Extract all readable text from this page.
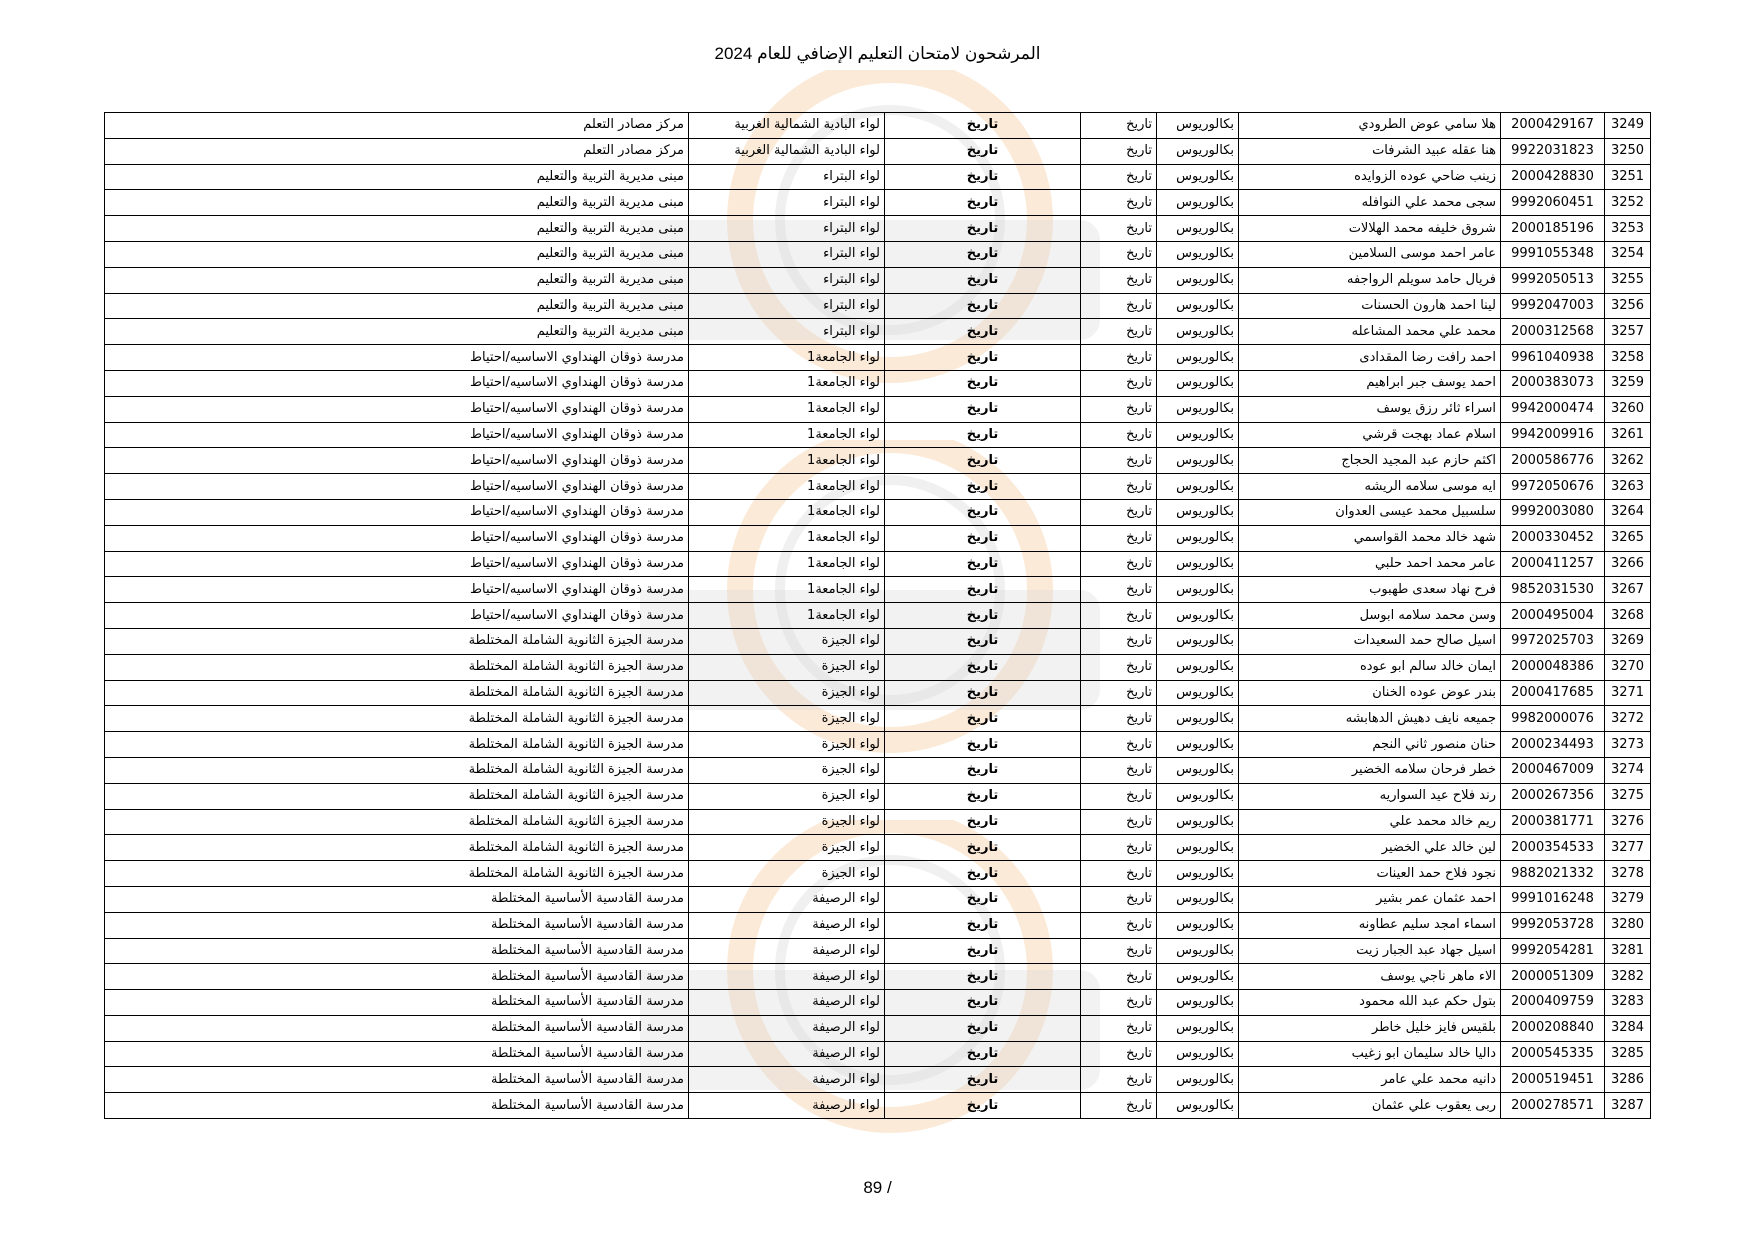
المرشحون لامتحان التعليم الإضافي للعام 2024
3249	2000429167	هلا سامي عوض الطرودي	بكالوريوس	تاريخ	تاريخ	لواء البادية الشمالية الغربية	مركز مصادر التعلم
3250	9922031823	هنا عقله عبيد الشرفات	بكالوريوس	تاريخ	تاريخ	لواء البادية الشمالية الغربية	مركز مصادر التعلم
3251	2000428830	زينب ضاحي عوده الزوايده	بكالوريوس	تاريخ	تاريخ	لواء البتراء	مبنى مديرية التربية والتعليم
3252	9992060451	سجى محمد علي النوافله	بكالوريوس	تاريخ	تاريخ	لواء البتراء	مبنى مديرية التربية والتعليم
3253	2000185196	شروق خليفه محمد الهلالات	بكالوريوس	تاريخ	تاريخ	لواء البتراء	مبنى مديرية التربية والتعليم
3254	9991055348	عامر احمد موسى السلامين	بكالوريوس	تاريخ	تاريخ	لواء البتراء	مبنى مديرية التربية والتعليم
3255	9992050513	فريال حامد سويلم الرواجفه	بكالوريوس	تاريخ	تاريخ	لواء البتراء	مبنى مديرية التربية والتعليم
3256	9992047003	لينا احمد هارون الحسنات	بكالوريوس	تاريخ	تاريخ	لواء البتراء	مبنى مديرية التربية والتعليم
3257	2000312568	محمد علي محمد المشاعله	بكالوريوس	تاريخ	تاريخ	لواء البتراء	مبنى مديرية التربية والتعليم
3258	9961040938	احمد رافت رضا المقدادى	بكالوريوس	تاريخ	تاريخ	لواء الجامعة1	مدرسة ذوقان الهنداوي الاساسيه/احتياط
3259	2000383073	احمد يوسف جبر ابراهيم	بكالوريوس	تاريخ	تاريخ	لواء الجامعة1	مدرسة ذوقان الهنداوي الاساسيه/احتياط
3260	9942000474	اسراء ثائر رزق يوسف	بكالوريوس	تاريخ	تاريخ	لواء الجامعة1	مدرسة ذوقان الهنداوي الاساسيه/احتياط
3261	9942009916	اسلام عماد بهجت قرشي	بكالوريوس	تاريخ	تاريخ	لواء الجامعة1	مدرسة ذوقان الهنداوي الاساسيه/احتياط
3262	2000586776	اكثم حازم عبد المجيد الحجاج	بكالوريوس	تاريخ	تاريخ	لواء الجامعة1	مدرسة ذوقان الهنداوي الاساسيه/احتياط
3263	9972050676	ايه موسى سلامه الريشه	بكالوريوس	تاريخ	تاريخ	لواء الجامعة1	مدرسة ذوقان الهنداوي الاساسيه/احتياط
3264	9992003080	سلسبيل محمد عيسى العدوان	بكالوريوس	تاريخ	تاريخ	لواء الجامعة1	مدرسة ذوقان الهنداوي الاساسيه/احتياط
3265	2000330452	شهد خالد محمد القواسمي	بكالوريوس	تاريخ	تاريخ	لواء الجامعة1	مدرسة ذوقان الهنداوي الاساسيه/احتياط
3266	2000411257	عامر محمد احمد حلبي	بكالوريوس	تاريخ	تاريخ	لواء الجامعة1	مدرسة ذوقان الهنداوي الاساسيه/احتياط
3267	9852031530	فرح نهاد سعدى طهبوب	بكالوريوس	تاريخ	تاريخ	لواء الجامعة1	مدرسة ذوقان الهنداوي الاساسيه/احتياط
3268	2000495004	وسن محمد سلامه ابوسل	بكالوريوس	تاريخ	تاريخ	لواء الجامعة1	مدرسة ذوقان الهنداوي الاساسيه/احتياط
3269	9972025703	اسيل صالح حمد السعيدات	بكالوريوس	تاريخ	تاريخ	لواء الجيزة	مدرسة الجيزة الثانوية الشاملة المختلطة
3270	2000048386	ايمان خالد سالم ابو عوده	بكالوريوس	تاريخ	تاريخ	لواء الجيزة	مدرسة الجيزة الثانوية الشاملة المختلطة
3271	2000417685	بندر عوض عوده الخنان	بكالوريوس	تاريخ	تاريخ	لواء الجيزة	مدرسة الجيزة الثانوية الشاملة المختلطة
3272	9982000076	جميعه نايف دهيش الدهابشه	بكالوريوس	تاريخ	تاريخ	لواء الجيزة	مدرسة الجيزة الثانوية الشاملة المختلطة
3273	2000234493	حنان منصور ثاني النجم	بكالوريوس	تاريخ	تاريخ	لواء الجيزة	مدرسة الجيزة الثانوية الشاملة المختلطة
3274	2000467009	خطر فرحان سلامه الخضير	بكالوريوس	تاريخ	تاريخ	لواء الجيزة	مدرسة الجيزة الثانوية الشاملة المختلطة
3275	2000267356	رند فلاح عيد السواريه	بكالوريوس	تاريخ	تاريخ	لواء الجيزة	مدرسة الجيزة الثانوية الشاملة المختلطة
3276	2000381771	ريم خالد محمد علي	بكالوريوس	تاريخ	تاريخ	لواء الجيزة	مدرسة الجيزة الثانوية الشاملة المختلطة
3277	2000354533	لين خالد علي الخضير	بكالوريوس	تاريخ	تاريخ	لواء الجيزة	مدرسة الجيزة الثانوية الشاملة المختلطة
3278	9882021332	نجود فلاح حمد العينات	بكالوريوس	تاريخ	تاريخ	لواء الجيزة	مدرسة الجيزة الثانوية الشاملة المختلطة
3279	9991016248	احمد عثمان عمر بشير	بكالوريوس	تاريخ	تاريخ	لواء الرصيفة	مدرسة القادسية الأساسية المختلطة
3280	9992053728	اسماء امجد سليم عطاونه	بكالوريوس	تاريخ	تاريخ	لواء الرصيفة	مدرسة القادسية الأساسية المختلطة
3281	9992054281	اسيل جهاد عبد الجبار زيت	بكالوريوس	تاريخ	تاريخ	لواء الرصيفة	مدرسة القادسية الأساسية المختلطة
3282	2000051309	الاء ماهر ناجي يوسف	بكالوريوس	تاريخ	تاريخ	لواء الرصيفة	مدرسة القادسية الأساسية المختلطة
3283	2000409759	بتول حكم عبد الله محمود	بكالوريوس	تاريخ	تاريخ	لواء الرصيفة	مدرسة القادسية الأساسية المختلطة
3284	2000208840	بلقيس فايز خليل خاطر	بكالوريوس	تاريخ	تاريخ	لواء الرصيفة	مدرسة القادسية الأساسية المختلطة
3285	2000545335	داليا خالد سليمان ابو زغيب	بكالوريوس	تاريخ	تاريخ	لواء الرصيفة	مدرسة القادسية الأساسية المختلطة
3286	2000519451	دانيه محمد علي عامر	بكالوريوس	تاريخ	تاريخ	لواء الرصيفة	مدرسة القادسية الأساسية المختلطة
3287	2000278571	ربى يعقوب علي عثمان	بكالوريوس	تاريخ	تاريخ	لواء الرصيفة	مدرسة القادسية الأساسية المختلطة
89 /
